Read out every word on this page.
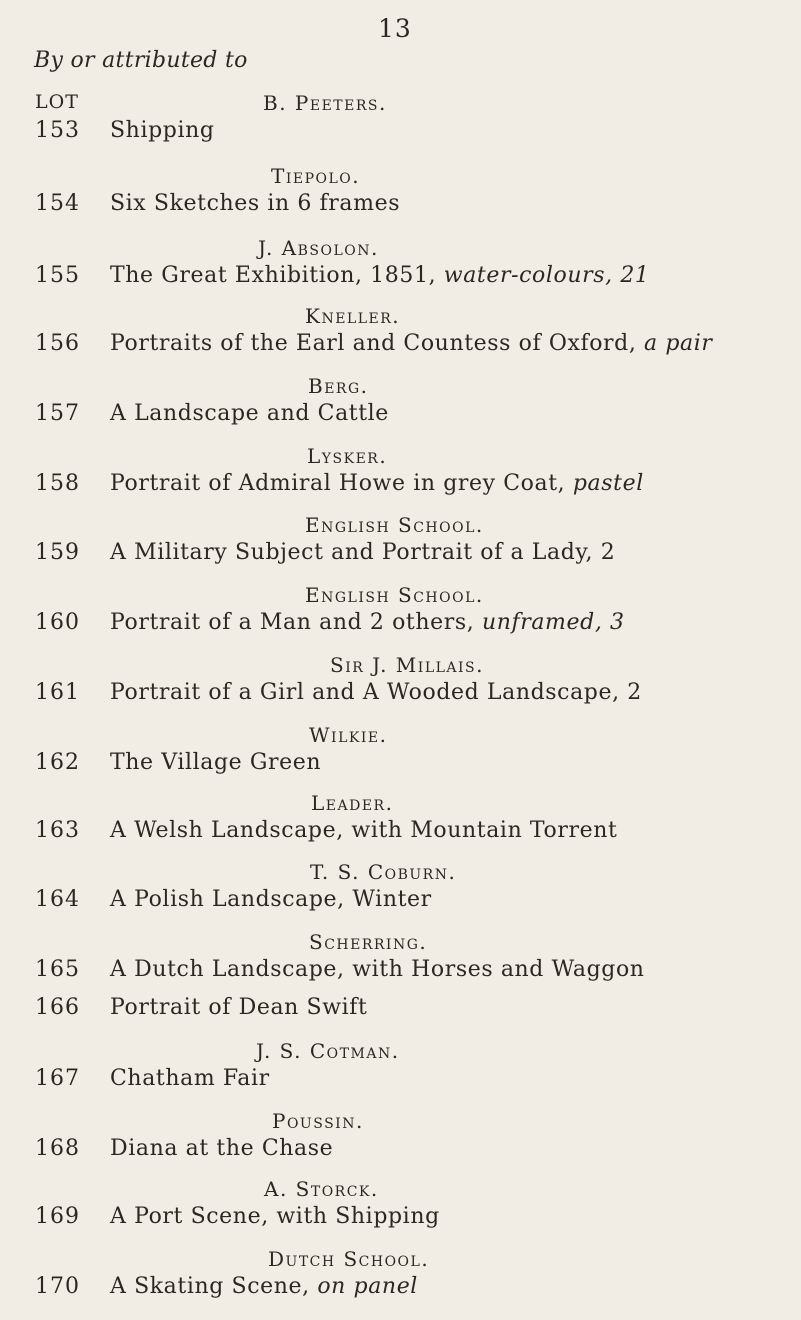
13
By or attributed to
LOT	B. Peeters.
153 Shipping
Tiepolo.
154 Six Sketches in 6 frames
J. Absolon.
155 The Great Exhibition, 1851, water-colours, 21
Kneller.
156 Portraits of the Earl and Countess of Oxford, a pair
Berg.
157 A Landscape and Cattle
Lysker.
158 Portrait of Admiral Howe in grey Coat, pastel
English School.
159 A Military Subject and Portrait of a Lady, 2
English School.
160 Portrait of a Man and 2 others, unframed, 3
Sir J. Millais.
161 Portrait of a Girl and A Wooded Landscape, 2
Wilkie.
162 The Village Green
Leader.
163 A Welsh Landscape, with Mountain Torrent
T. S. Coburn.
164 A Polish Landscape, Winter
Scherring.
165 A Dutch Landscape, with Horses and Waggon
166 Portrait of Dean Swift
J. S. Cotman.
167 Chatham Fair
Poussin.
168 Diana at the Chase
A. Storck.
169 A Port Scene, with Shipping
Dutch School.
170 A Skating Scene, on panel
